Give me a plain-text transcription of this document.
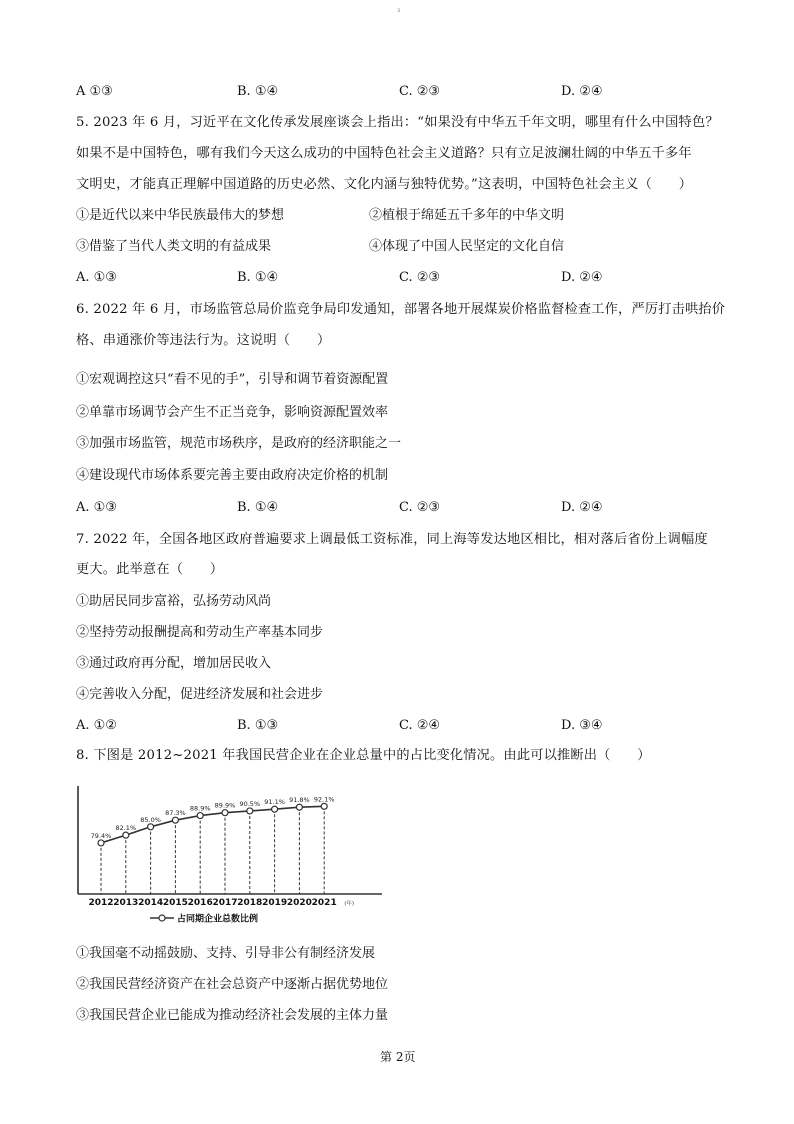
3
A ①③	B. ①④	C. ②③	D. ②④
5. 2023 年 6 月，习近平在文化传承发展座谈会上指出：“如果没有中华五千年文明，哪里有什么中国特色？
如果不是中国特色，哪有我们今天这么成功的中国特色社会主义道路？只有立足波澜壮阔的中华五千多年
文明史，才能真正理解中国道路的历史必然、文化内涵与独特优势。”这表明，中国特色社会主义（　　）
①是近代以来中华民族最伟大的梦想	②植根于绵延五千多年的中华文明
③借鉴了当代人类文明的有益成果	④体现了中国人民坚定的文化自信
A. ①③	B. ①④	C. ②③	D. ②④
6. 2022 年 6 月，市场监管总局价监竞争局印发通知，部署各地开展煤炭价格监督检查工作，严厉打击哄抬价
格、串通涨价等违法行为。这说明（　　）
①宏观调控这只“看不见的手”，引导和调节着资源配置
②单靠市场调节会产生不正当竞争，影响资源配置效率
③加强市场监管，规范市场秩序，是政府的经济职能之一
④建设现代市场体系要完善主要由政府决定价格的机制
A. ①③	B. ①④	C. ②③	D. ②④
7. 2022 年，全国各地区政府普遍要求上调最低工资标准，同上海等发达地区相比，相对落后省份上调幅度
更大。此举意在（　　）
①助居民同步富裕，弘扬劳动风尚
②坚持劳动报酬提高和劳动生产率基本同步
③通过政府再分配，增加居民收入
④完善收入分配，促进经济发展和社会进步
A. ①②	B. ①③	C. ②④	D. ③④
8. 下图是 2012~2021 年我国民营企业在企业总量中的占比变化情况。由此可以推断出（　　）
79.4%
82.1%
85.0%
87.3%
88.9% 89.9% 90.5% 91.1% 91.8% 92.1%
2012 2013 2014 2015 2016 2017 2018 2019 2020 2021 (年)
占同期企业总数比例
①我国毫不动摇鼓励、支持、引导非公有制经济发展
②我国民营经济资产在社会总资产中逐渐占据优势地位
③我国民营企业已能成为推动经济社会发展的主体力量
第 2页
